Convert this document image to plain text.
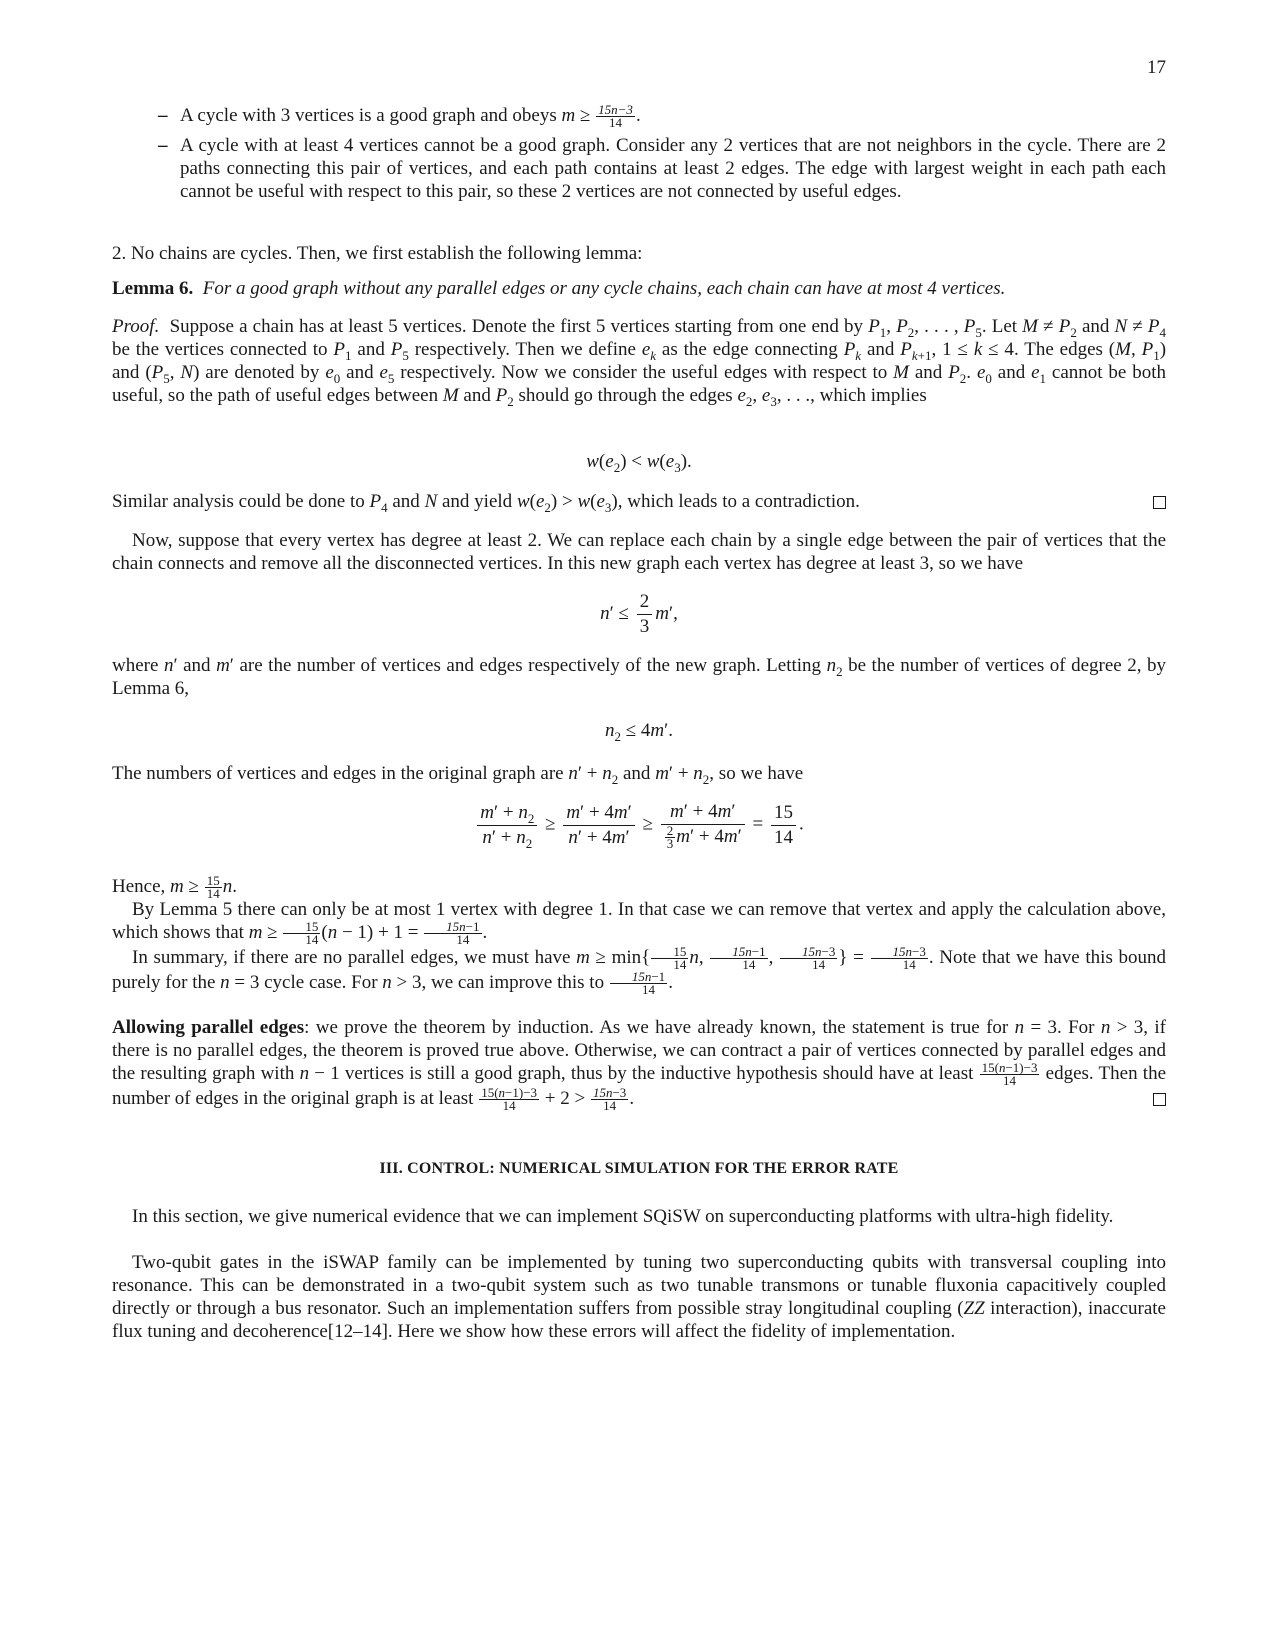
17
– A cycle with 3 vertices is a good graph and obeys $m \ge \frac{15n-3}{14}$ .
– A cycle with at least 4 vertices cannot be a good graph. Consider any 2 vertices that are not neighbors in the cycle. There are 2 paths connecting this pair of vertices, and each path contains at least 2 edges. The edge with largest weight in each path each cannot be useful with respect to this pair, so these 2 vertices are not connected by useful edges.

2. No chains are cycles. Then, we first establish the following lemma:

Lemma 6. For a good graph without any parallel edges or any cycle chains, each chain can have at most 4 vertices.

Proof. Suppose a chain has at least 5 vertices. Denote the first 5 vertices starting from one end by $P_1$, $P_2$, . . . , $P_5$. Let $M \ne P_2$ and $N \ne P_4$ be the vertices connected to $P_1$ and $P_5$ respectively. Then we define $e_k$ as the edge connecting $P_k$ and $P_{k+1}$, 1 ≤ k ≤ 4. The edges (M, $P_1$) and ($P_5$, N) are denoted by $e_0$ and $e_5$ respectively. Now we consider the useful edges with respect to M and $P_2$. $e_0$ and $e_1$ cannot be both useful, so the path of useful edges between M and $P_2$ should go through the edges $e_2$, $e_3$, . . ., which implies

$w(e_2) < w(e_3)$.

Similar analysis could be done to $P_4$ and N and yield $w(e_2) > w(e_3)$, which leads to a contradiction.

Now, suppose that every vertex has degree at least 2. We can replace each chain by a single edge between the pair of vertices that the chain connects and remove all the disconnected vertices. In this new graph each vertex has degree at least 3, so we have

$n' \le \frac{2}{3} m'$,

where n′ and m′ are the number of vertices and edges respectively of the new graph. Letting $n_2$ be the number of vertices of degree 2, by Lemma 6,

$n_2 \le 4m'$.

The numbers of vertices and edges in the original graph are $n' + n_2$ and $m' + n_2$, so we have

$\frac{m' + n_2}{n' + n_2} \ge \frac{m' + 4m'}{n' + 4m'} \ge \frac{m' + 4m'}{\frac{2}{3} m' + 4m'} = \frac{15}{14}$ .

Hence, $m \ge \frac{15}{14} n$.

By Lemma 5 there can only be at most 1 vertex with degree 1. In that case we can remove that vertex and apply the calculation above, which shows that $m \ge \frac{15}{14} (n - 1) + 1 = \frac{15n-1}{14}$ .

In summary, if there are no parallel edges, we must have $m \ge \min\{ \frac{15}{14} n$, $\frac{15n-1}{14}$ , $\frac{15n-3}{14}$ } = $\frac{15n-3}{14}$ . Note that we have this bound purely for the n = 3 cycle case. For n > 3, we can improve this to $\frac{15n-1}{14}$ .

Allowing parallel edges: we prove the theorem by induction. As we have already known, the statement is true for n = 3. For n > 3, if there is no parallel edges, the theorem is proved true above. Otherwise, we can contract a pair of vertices connected by parallel edges and the resulting graph with n − 1 vertices is still a good graph, thus by the inductive hypothesis should have at least $\frac{15(n-1)-3}{14}$ edges. Then the number of edges in the original graph is at least $\frac{15(n-1)-3}{14} + 2 > \frac{15n-3}{14}$ .

III. CONTROL: NUMERICAL SIMULATION FOR THE ERROR RATE

In this section, we give numerical evidence that we can implement SQiSW on superconducting platforms with ultra-high fidelity.

Two-qubit gates in the iSWAP family can be implemented by tuning two superconducting qubits with transversal coupling into resonance. This can be demonstrated in a two-qubit system such as two tunable transmons or tunable fluxonia capacitively coupled directly or through a bus resonator. Such an implementation suffers from possible stray longitudinal coupling (ZZ interaction), inaccurate flux tuning and decoherence[12–14]. Here we show how these errors will affect the fidelity of implementation.
